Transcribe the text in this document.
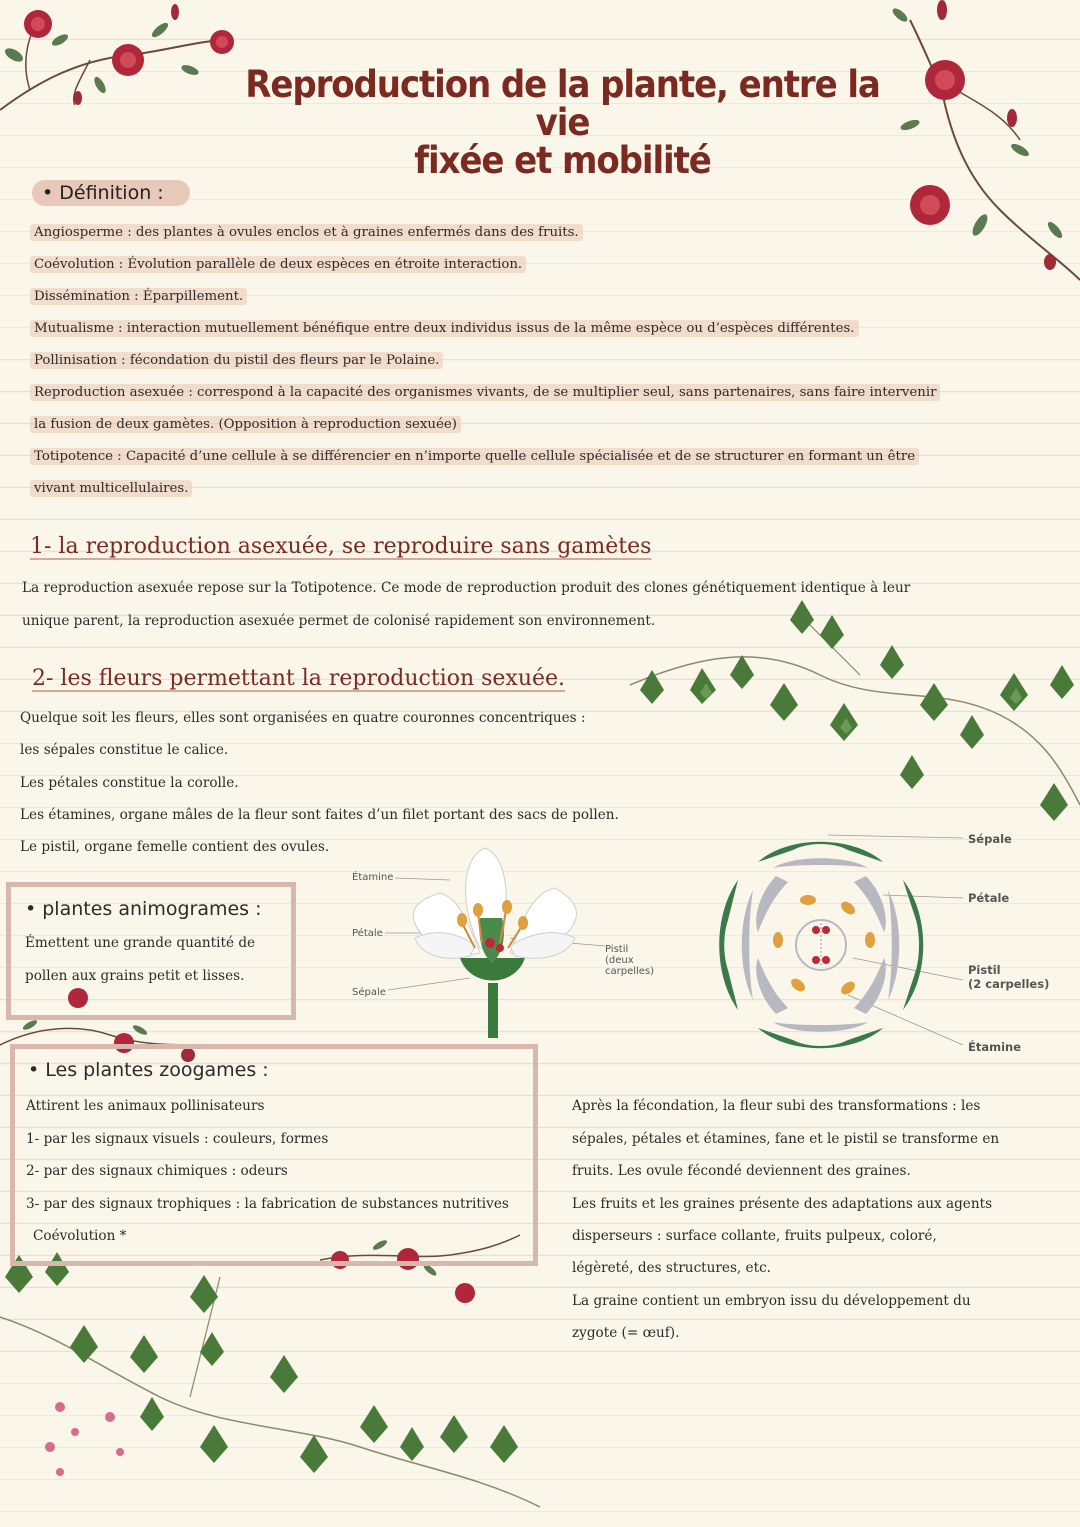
Reproduction de la plante, entre la vie
fixée et mobilité
• Définition :
Angiosperme : des plantes à ovules enclos et à graines enfermés dans des fruits.
Coévolution : Évolution parallèle de deux espèces en étroite interaction.
Dissémination : Éparpillement.
Mutualisme : interaction mutuellement bénéfique entre deux individus issus de la même espèce ou d’espèces différentes.
Pollinisation : fécondation du pistil des fleurs par le Polaine.
Reproduction asexuée : correspond à la capacité des organismes vivants, de se multiplier seul, sans partenaires, sans faire intervenir
la fusion de deux gamètes. (Opposition à reproduction sexuée)
Totipotence : Capacité d’une cellule à se différencier en n’importe quelle cellule spécialisée et de se structurer en formant un être
vivant multicellulaires.
1- la reproduction asexuée, se reproduire sans gamètes
La reproduction asexuée repose sur la Totipotence. Ce mode de reproduction produit des clones génétiquement identique à leur
unique parent, la reproduction asexuée permet de colonisé rapidement son environnement.
2- les fleurs permettant la reproduction sexuée.
Quelque soit les fleurs, elles sont organisées en quatre couronnes concentriques :
les sépales constitue le calice.
Les pétales constitue la corolle.
Les étamines, organe mâles de la fleur sont faites d’un filet portant des sacs de pollen.
Le pistil, organe femelle contient des ovules.
• plantes animogrames :
Émettent une grande quantité de
pollen aux grains petit et lisses.
• Les plantes zoogames :
Attirent les animaux pollinisateurs
1- par les signaux visuels : couleurs, formes
2- par des signaux chimiques : odeurs
3- par des signaux trophiques : la fabrication de substances nutritives
Coévolution *
Après la fécondation, la fleur subi des transformations : les
sépales, pétales et étamines, fane et le pistil se transforme en
fruits. Les ovule fécondé deviennent des graines.
Les fruits et les graines présente des adaptations aux agents
disperseurs : surface collante, fruits pulpeux, coloré,
légèreté, des structures, etc.
La graine contient un embryon issu du développement du
zygote (= œuf).
Étamine
Pétale
Sépale
Pistil
(deux
carpelles)
Sépale
Pétale
Pistil
(2 carpelles)
Étamine
